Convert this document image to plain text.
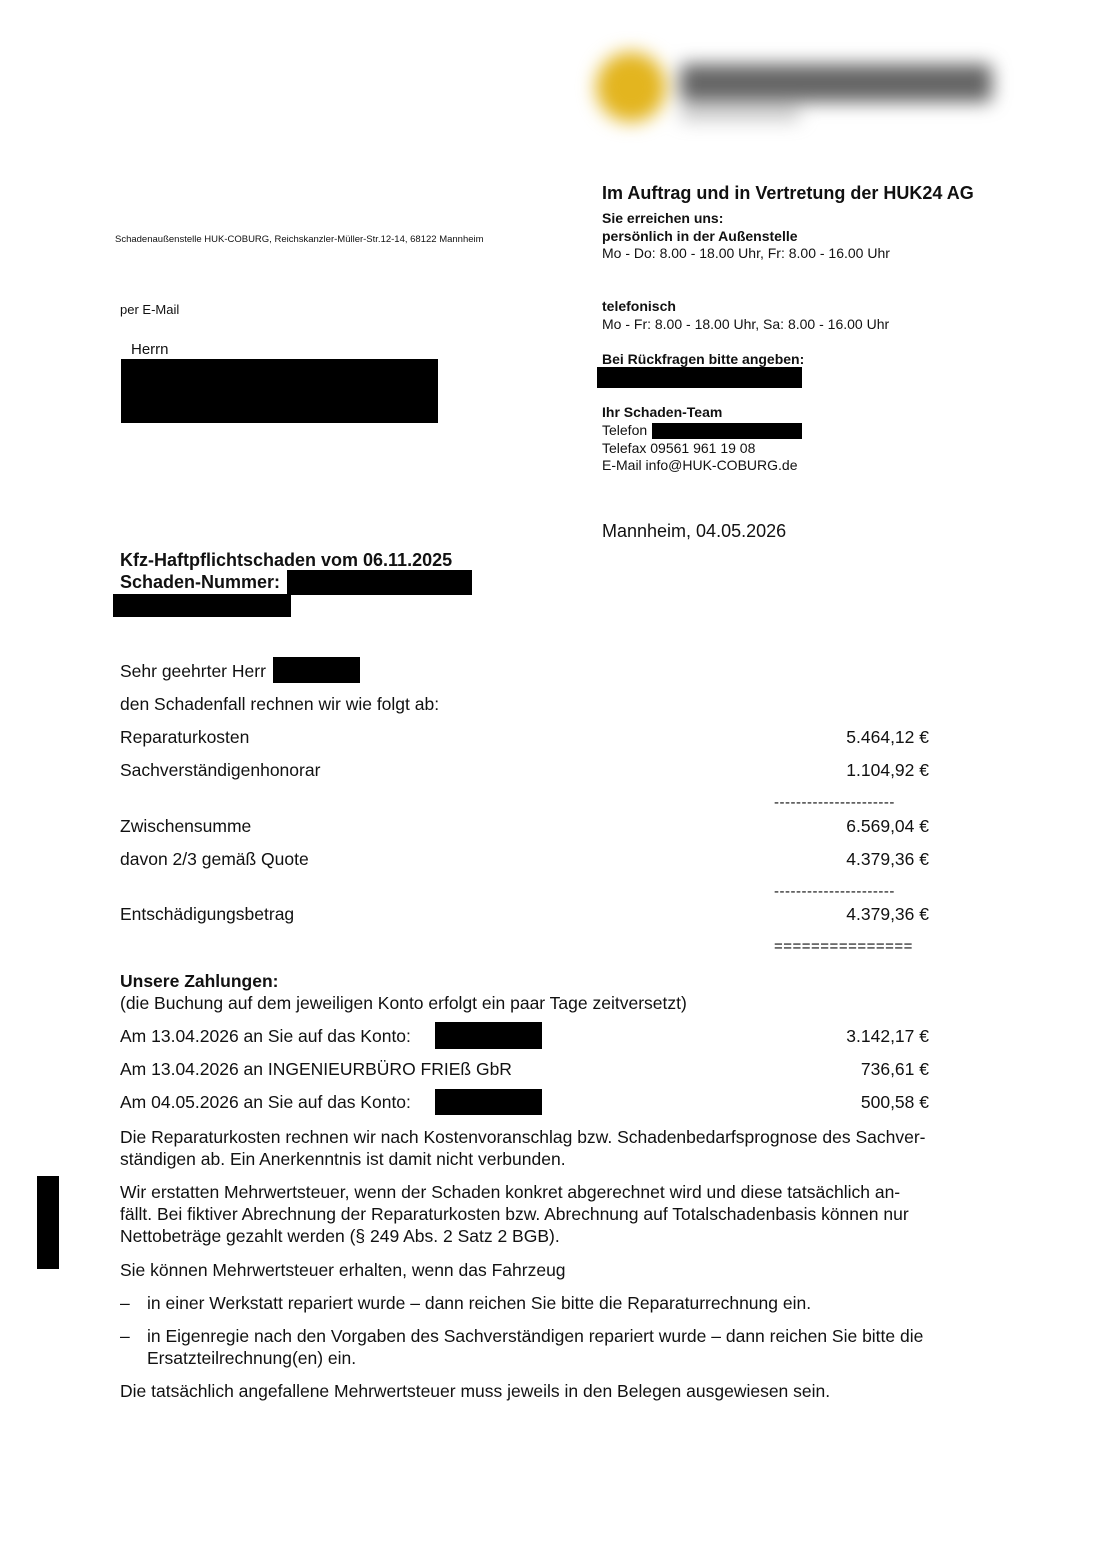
Im Auftrag und in Vertretung der HUK24 AG
Sie erreichen uns:
persönlich in der Außenstelle
Mo - Do: 8.00 - 18.00 Uhr, Fr: 8.00 - 16.00 Uhr
telefonisch
Mo - Fr: 8.00 - 18.00 Uhr, Sa: 8.00 - 16.00 Uhr
Bei Rückfragen bitte angeben:
Ihr Schaden-Team
Telefon
Telefax 09561 961 19 08
E-Mail info@HUK-COBURG.de
Schadenaußenstelle HUK-COBURG, Reichskanzler-Müller-Str.12-14, 68122 Mannheim
per E-Mail
Herrn
Mannheim, 04.05.2026
Kfz-Haftpflichtschaden vom 06.11.2025
Schaden-Nummer:
Sehr geehrter Herr
den Schadenfall rechnen wir wie folgt ab:
Reparaturkosten	5.464,12 €
Sachverständigenhonorar	1.104,92 €
----------------------
Zwischensumme	6.569,04 €
davon 2/3 gemäß Quote	4.379,36 €
----------------------
Entschädigungsbetrag	4.379,36 €
===============
Unsere Zahlungen:
(die Buchung auf dem jeweiligen Konto erfolgt ein paar Tage zeitversetzt)
Am 13.04.2026 an Sie auf das Konto:	3.142,17 €
Am 13.04.2026 an INGENIEURBÜRO FRIEß GbR	736,61 €
Am 04.05.2026 an Sie auf das Konto:	500,58 €
Die Reparaturkosten rechnen wir nach Kostenvoranschlag bzw. Schadenbedarfsprognose des Sachver-
ständigen ab. Ein Anerkenntnis ist damit nicht verbunden.
Wir erstatten Mehrwertsteuer, wenn der Schaden konkret abgerechnet wird und diese tatsächlich an-
fällt. Bei fiktiver Abrechnung der Reparaturkosten bzw. Abrechnung auf Totalschadenbasis können nur
Nettobeträge gezahlt werden (§ 249 Abs. 2 Satz 2 BGB).
Sie können Mehrwertsteuer erhalten, wenn das Fahrzeug
– in einer Werkstatt repariert wurde – dann reichen Sie bitte die Reparaturrechnung ein.
– in Eigenregie nach den Vorgaben des Sachverständigen repariert wurde – dann reichen Sie bitte die
Ersatzteilrechnung(en) ein.
Die tatsächlich angefallene Mehrwertsteuer muss jeweils in den Belegen ausgewiesen sein.
